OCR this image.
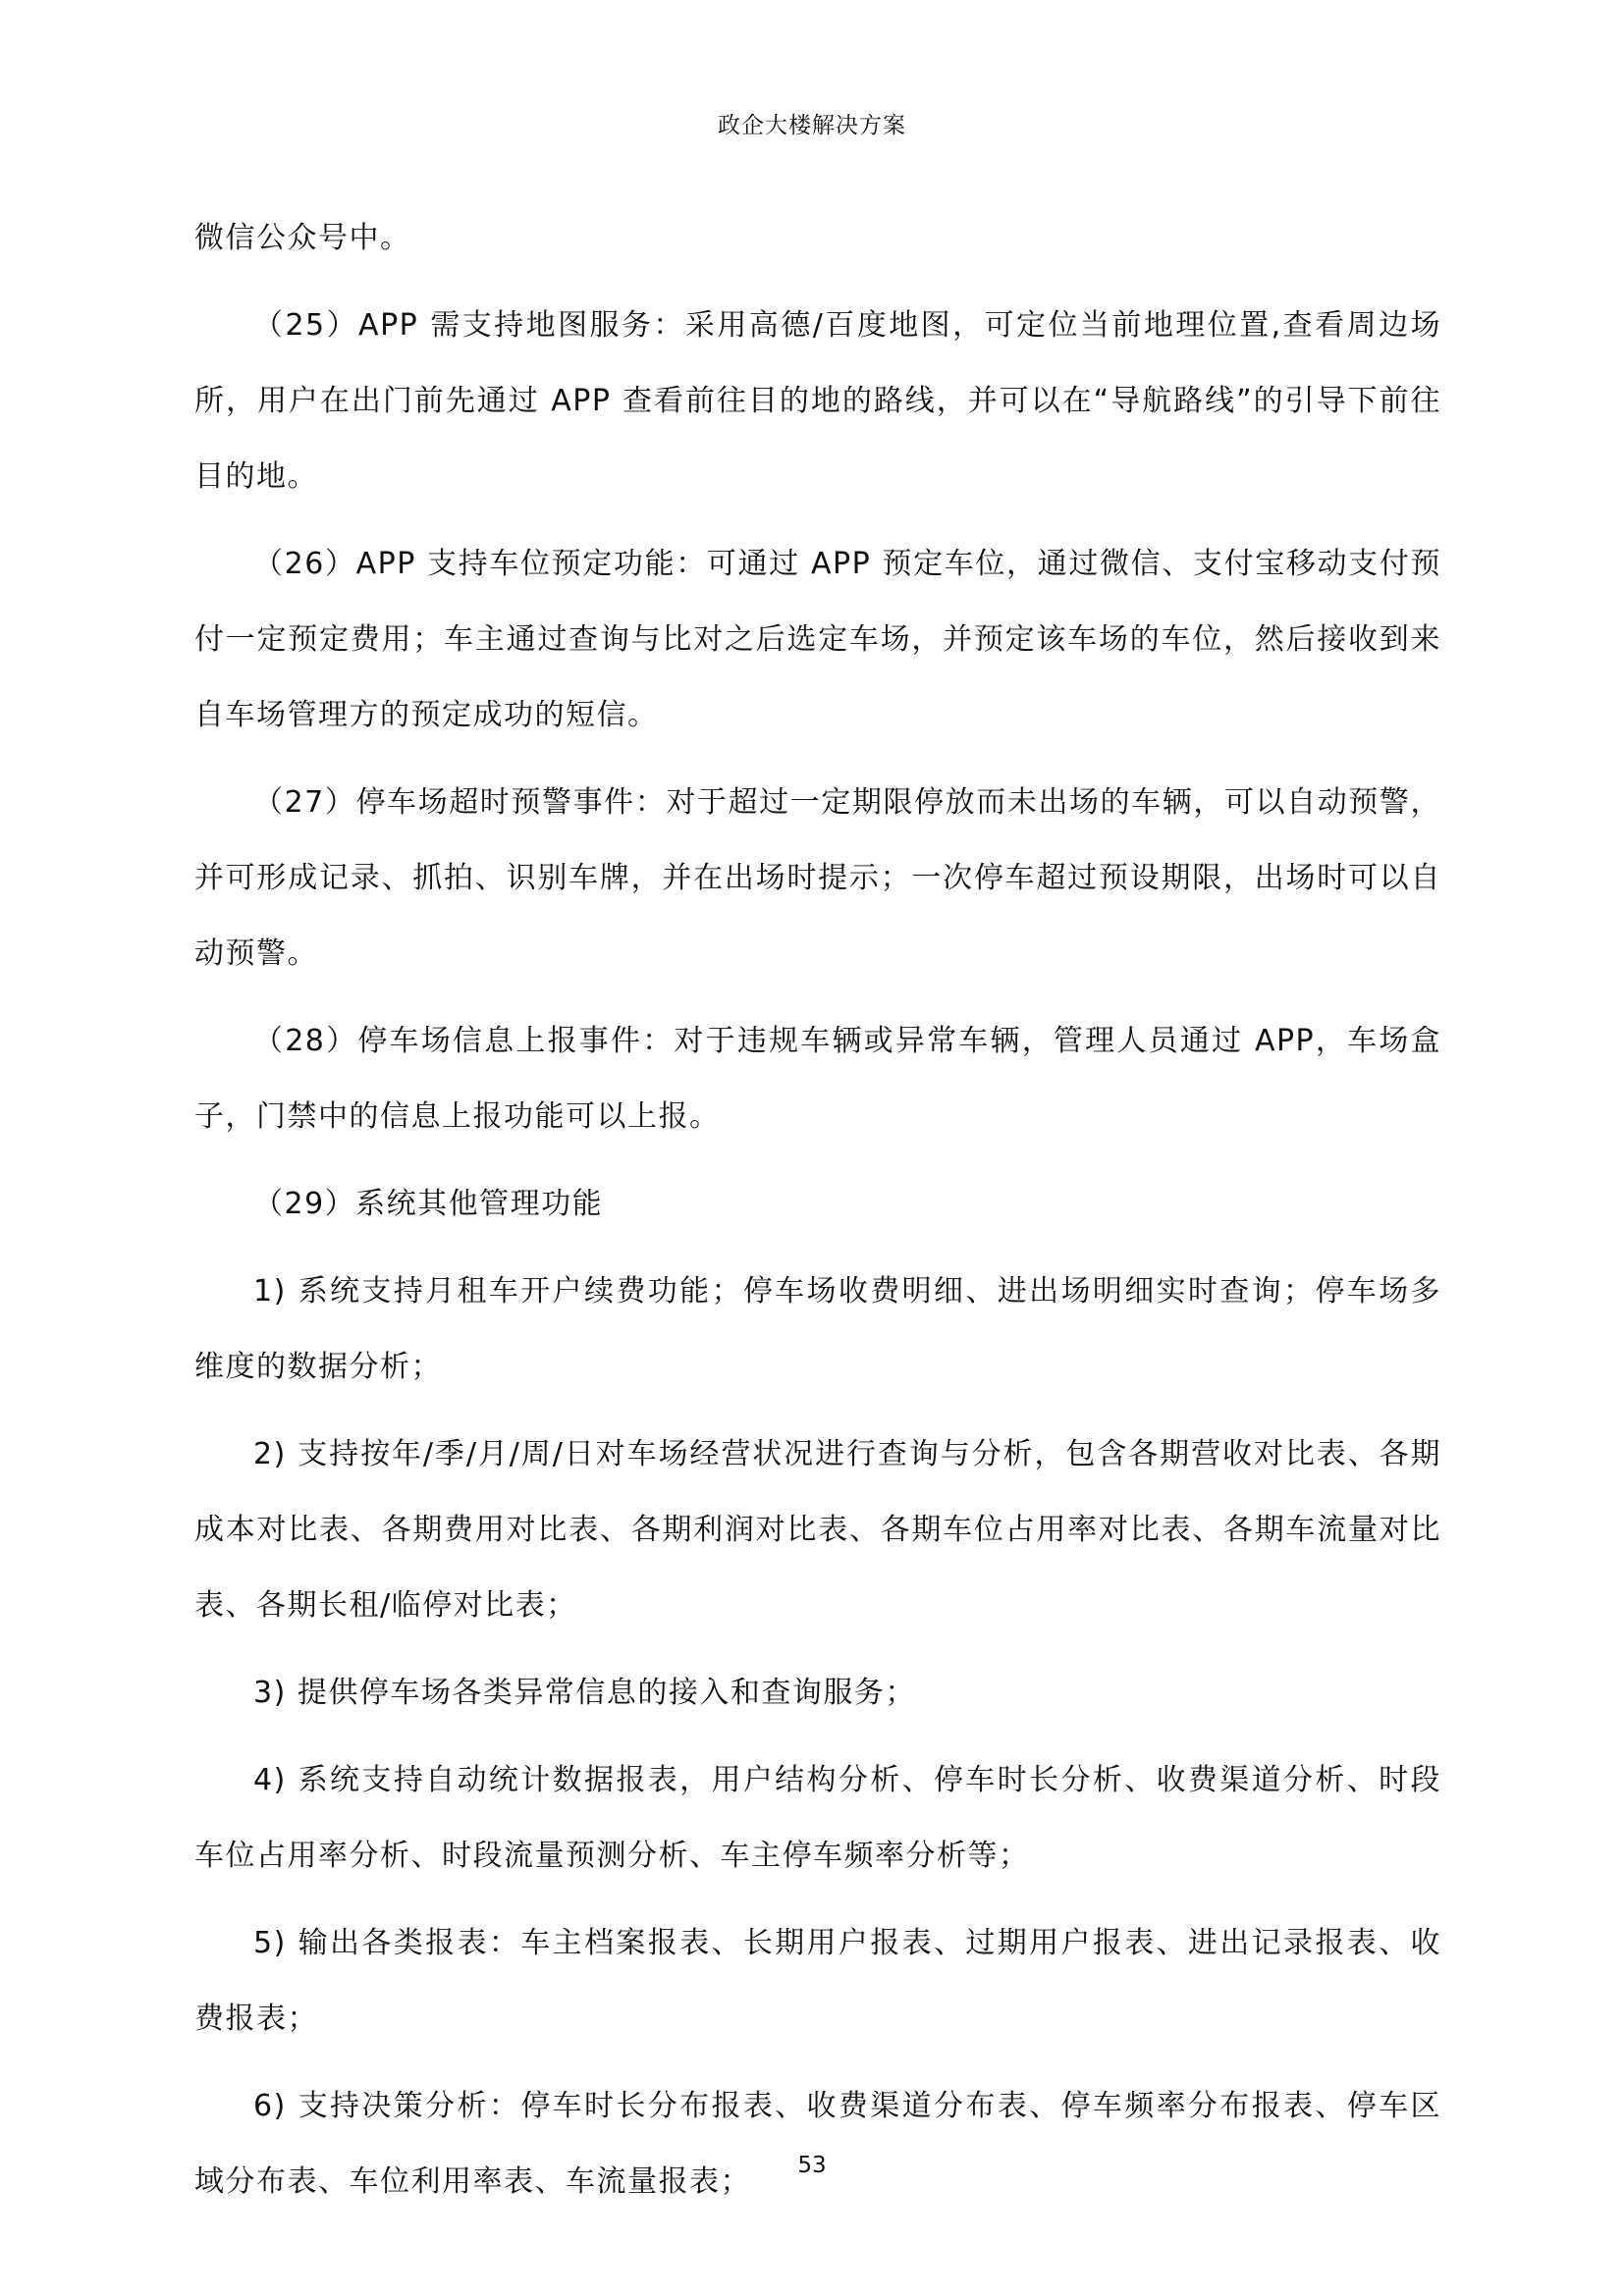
政企大楼解决方案

微信公众号中。

（25）APP 需支持地图服务：采用高德/百度地图，可定位当前地理位置,查看周边场所，用户在出门前先通过 APP 查看前往目的地的路线，并可以在“导航路线”的引导下前往目的地。

（26）APP 支持车位预定功能：可通过 APP 预定车位，通过微信、支付宝移动支付预付一定预定费用；车主通过查询与比对之后选定车场，并预定该车场的车位，然后接收到来自车场管理方的预定成功的短信。

（27）停车场超时预警事件：对于超过一定期限停放而未出场的车辆，可以自动预警，并可形成记录、抓拍、识别车牌，并在出场时提示；一次停车超过预设期限，出场时可以自动预警。

（28）停车场信息上报事件：对于违规车辆或异常车辆，管理人员通过 APP，车场盒子，门禁中的信息上报功能可以上报。

（29）系统其他管理功能

1) 系统支持月租车开户续费功能；停车场收费明细、进出场明细实时查询；停车场多维度的数据分析；

2) 支持按年/季/月/周/日对车场经营状况进行查询与分析，包含各期营收对比表、各期成本对比表、各期费用对比表、各期利润对比表、各期车位占用率对比表、各期车流量对比表、各期长租/临停对比表；

3) 提供停车场各类异常信息的接入和查询服务；

4) 系统支持自动统计数据报表，用户结构分析、停车时长分析、收费渠道分析、时段车位占用率分析、时段流量预测分析、车主停车频率分析等；

5) 输出各类报表：车主档案报表、长期用户报表、过期用户报表、进出记录报表、收费报表；

6) 支持决策分析：停车时长分布报表、收费渠道分布表、停车频率分布报表、停车区域分布表、车位利用率表、车流量报表；	53
